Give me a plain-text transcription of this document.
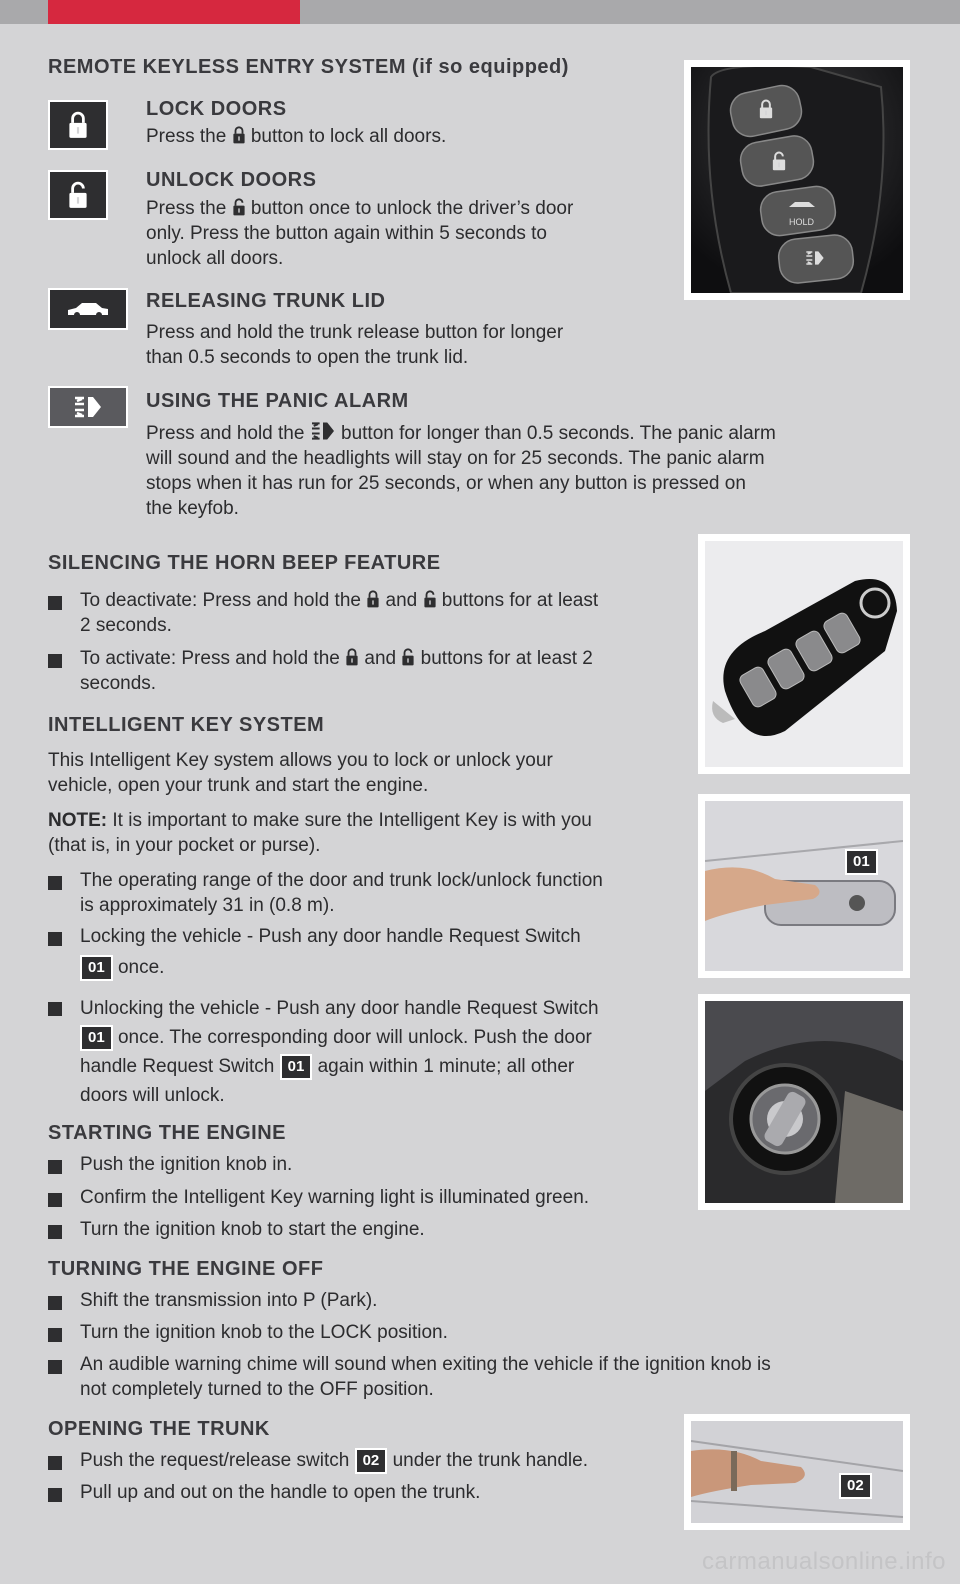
REMOTE KEYLESS ENTRY SYSTEM (if so equipped)
HOLD
LOCK DOORS
Press the button to lock all doors.
UNLOCK DOORS
Press the button once to unlock the driver’s door
only. Press the button again within 5 seconds to
unlock all doors.
RELEASING TRUNK LID
Press and hold the trunk release button for longer
than 0.5 seconds to open the trunk lid.
USING THE PANIC ALARM
Press and hold the button for longer than 0.5 seconds. The panic alarm
will sound and the headlights will stay on for 25 seconds. The panic alarm
stops when it has run for 25 seconds, or when any button is pressed on
the keyfob.
SILENCING THE HORN BEEP FEATURE
To deactivate: Press and hold the and buttons for at least
2 seconds.
To activate: Press and hold the and buttons for at least 2
seconds.
INTELLIGENT KEY SYSTEM
This Intelligent Key system allows you to lock or unlock your
vehicle, open your trunk and start the engine.
NOTE: It is important to make sure the Intelligent Key is with you
(that is, in your pocket or purse).
The operating range of the door and trunk lock/unlock function
is approximately 31 in (0.8 m).
Locking the vehicle - Push any door handle Request Switch
01 once.
Unlocking the vehicle - Push any door handle Request Switch
01 once. The corresponding door will unlock. Push the door
handle Request Switch 01 again within 1 minute; all other
doors will unlock.
01
STARTING THE ENGINE
Push the ignition knob in.
Confirm the Intelligent Key warning light is illuminated green.
Turn the ignition knob to start the engine.
TURNING THE ENGINE OFF
Shift the transmission into P (Park).
Turn the ignition knob to the LOCK position.
An audible warning chime will sound when exiting the vehicle if the ignition knob is
not completely turned to the OFF position.
OPENING THE TRUNK
Push the request/release switch 02 under the trunk handle.
Pull up and out on the handle to open the trunk.	02
carmanualsonline.info
